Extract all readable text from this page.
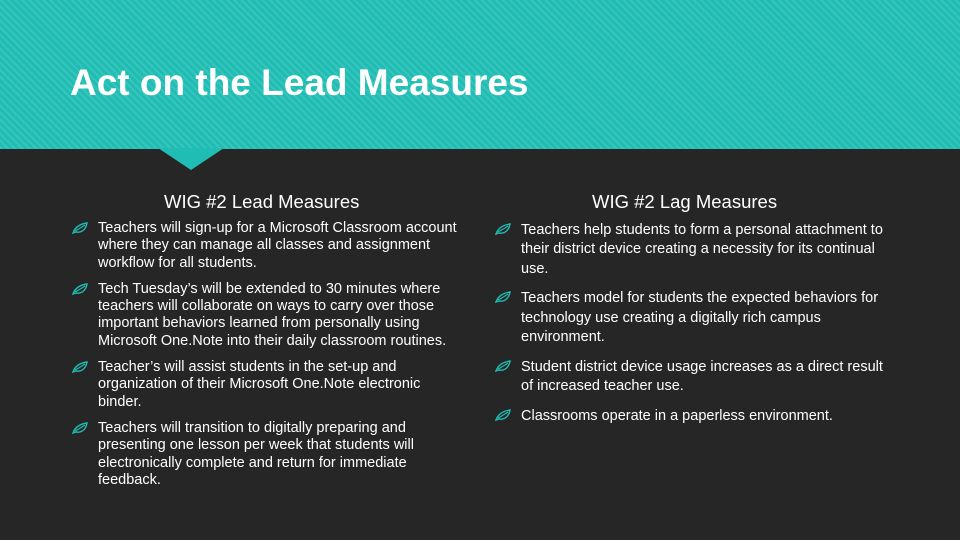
Act on the Lead Measures
WIG #2 Lead Measures	WIG #2 Lag Measures
Teachers will sign-up for a Microsoft Classroom account where they can manage all classes and assignment workflow for all students.
Tech Tuesday’s will be extended to 30 minutes where teachers will collaborate on ways to carry over those important behaviors learned from personally using Microsoft One.Note into their daily classroom routines.
Teacher’s will assist students in the set-up and organization of their Microsoft One.Note electronic binder.
Teachers will transition to digitally preparing and presenting one lesson per week that students will electronically complete and return for immediate feedback.
Teachers help students to form a personal attachment to their district device creating a necessity for its continual use.
Teachers model for students the expected behaviors for technology use creating a digitally rich campus environment.
Student district device usage increases as a direct result of increased teacher use.
Classrooms operate in a paperless environment.
